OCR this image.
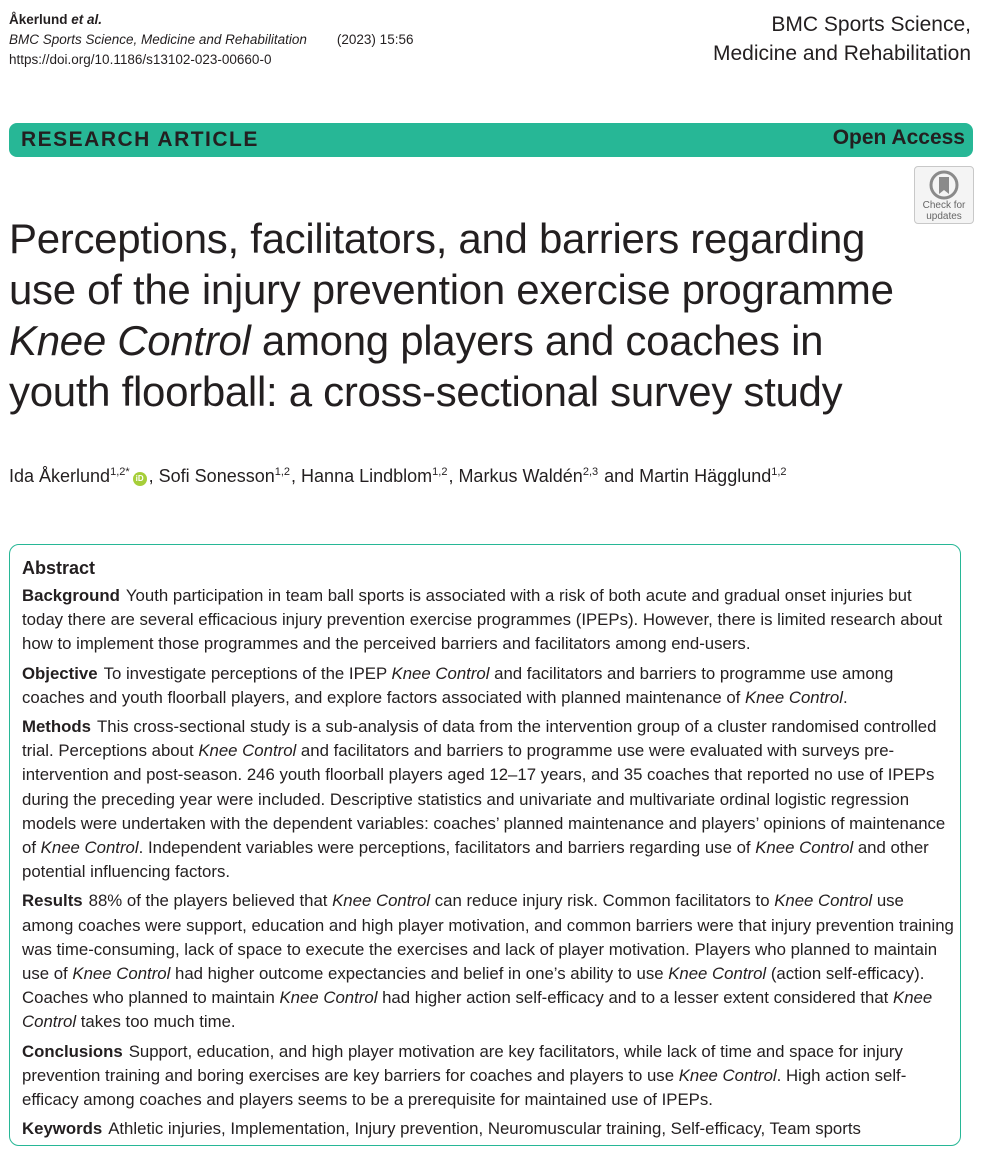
Åkerlund et al.
BMC Sports Science, Medicine and Rehabilitation (2023) 15:56
https://doi.org/10.1186/s13102-023-00660-0
BMC Sports Science,
Medicine and Rehabilitation
RESEARCH ARTICLE	Open Access
Perceptions, facilitators, and barriers regarding use of the injury prevention exercise programme Knee Control among players and coaches in youth floorball: a cross-sectional survey study
Check for
updates
Ida Åkerlund$^{1,2*}$iD , Sofi Sonesson$^{1,2}$, Hanna Lindblom$^{1,2}$, Markus Waldén$^{2,3}$ and Martin Hägglund$^{1,2}$
Abstract

Background Youth participation in team ball sports is associated with a risk of both acute and gradual onset injuries but today there are several efficacious injury prevention exercise programmes (IPEPs). However, there is limited research about how to implement those programmes and the perceived barriers and facilitators among end-users.

Objective To investigate perceptions of the IPEP Knee Control and facilitators and barriers to programme use among coaches and youth floorball players, and explore factors associated with planned maintenance of Knee Control.

Methods This cross-sectional study is a sub-analysis of data from the intervention group of a cluster randomised controlled trial. Perceptions about Knee Control and facilitators and barriers to programme use were evaluated with surveys pre-intervention and post-season. 246 youth floorball players aged 12–17 years, and 35 coaches that reported no use of IPEPs during the preceding year were included. Descriptive statistics and univariate and multivariate ordinal logistic regression models were undertaken with the dependent variables: coaches’ planned maintenance and players’ opinions of maintenance of Knee Control. Independent variables were perceptions, facilitators and barriers regarding use of Knee Control and other potential influencing factors.

Results 88% of the players believed that Knee Control can reduce injury risk. Common facilitators to Knee Control use among coaches were support, education and high player motivation, and common barriers were that injury prevention training was time-consuming, lack of space to execute the exercises and lack of player motivation. Players who planned to maintain use of Knee Control had higher outcome expectancies and belief in one’s ability to use Knee Control (action self-efficacy). Coaches who planned to maintain Knee Control had higher action self-efficacy and to a lesser extent considered that Knee Control takes too much time.

Conclusions Support, education, and high player motivation are key facilitators, while lack of time and space for injury prevention training and boring exercises are key barriers for coaches and players to use Knee Control. High action self-efficacy among coaches and players seems to be a prerequisite for maintained use of IPEPs.

Keywords Athletic injuries, Implementation, Injury prevention, Neuromuscular training, Self-efficacy, Team sports
